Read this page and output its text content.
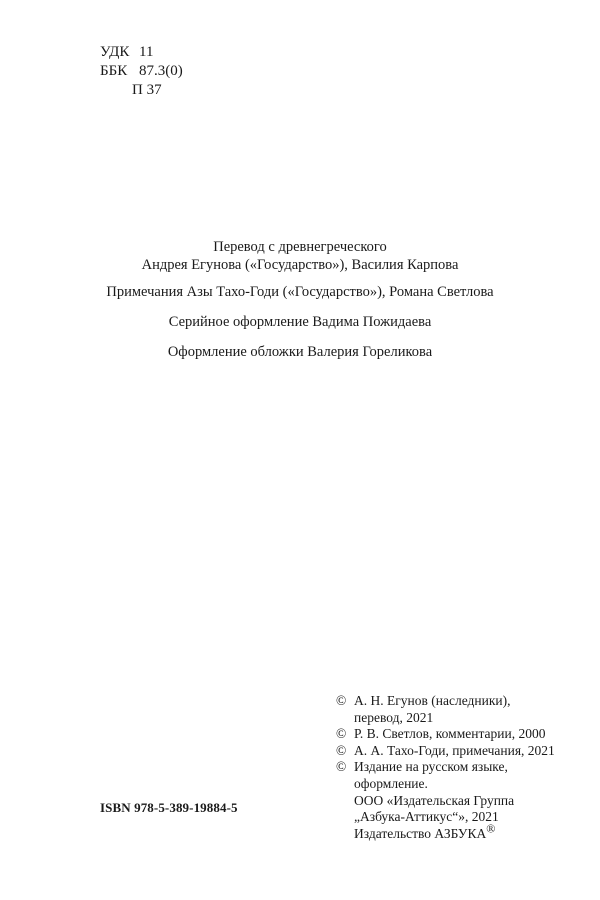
УДК 11
ББК 87.3(0)
П 37
Перевод с древнегреческого
Андрея Егунова («Государство»), Василия Карпова
Примечания Азы Тахо-Годи («Государство»), Романа Светлова
Серийное оформление Вадима Пожидаева
Оформление обложки Валерия Гореликова
© А. Н. Егунов (наследники),
перевод, 2021
© Р. В. Светлов, комментарии, 2000
© А. А. Тахо-Годи, примечания, 2021
© Издание на русском языке,
оформление.
ООО «Издательская Группа
„Азбука-Аттикус“», 2021
Издательство АЗБУКА®
ISBN 978-5-389-19884-5
